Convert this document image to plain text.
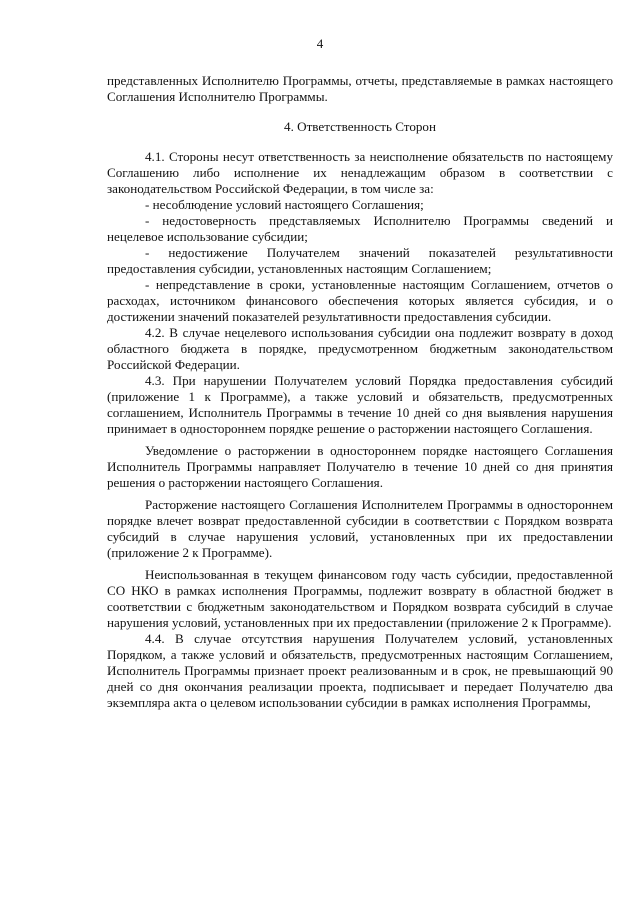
4

представленных Исполнителю Программы, отчеты, представляемые в рамках настоящего Соглашения Исполнителю Программы.

4. Ответственность Сторон

4.1. Стороны несут ответственность за неисполнение обязательств по настоящему Соглашению либо исполнение их ненадлежащим образом в соответствии с законодательством Российской Федерации, в том числе за:

- несоблюдение условий настоящего Соглашения;

- недостоверность представляемых Исполнителю Программы сведений и нецелевое использование субсидии;

- недостижение Получателем значений показателей результативности предоставления субсидии, установленных настоящим Соглашением;

- непредставление в сроки, установленные настоящим Соглашением, отчетов о расходах, источником финансового обеспечения которых является субсидия, и о достижении значений показателей результативности предоставления субсидии.

4.2. В случае нецелевого использования субсидии она подлежит возврату в доход областного бюджета в порядке, предусмотренном бюджетным законодательством Российской Федерации.

4.3. При нарушении Получателем условий Порядка предоставления субсидий (приложение 1 к Программе), а также условий и обязательств, предусмотренных соглашением, Исполнитель Программы в течение 10 дней со дня выявления нарушения принимает в одностороннем порядке решение о расторжении настоящего Соглашения.

Уведомление о расторжении в одностороннем порядке настоящего Соглашения Исполнитель Программы направляет Получателю в течение 10 дней со дня принятия решения о расторжении настоящего Соглашения.

Расторжение настоящего Соглашения Исполнителем Программы в одностороннем порядке влечет возврат предоставленной субсидии в соответствии с Порядком возврата субсидий в случае нарушения условий, установленных при их предоставлении (приложение 2 к Программе).

Неиспользованная в текущем финансовом году часть субсидии, предоставленной СО НКО в рамках исполнения Программы, подлежит возврату в областной бюджет в соответствии с бюджетным законодательством и Порядком возврата субсидий в случае нарушения условий, установленных при их предоставлении (приложение 2 к Программе).

4.4. В случае отсутствия нарушения Получателем условий, установленных Порядком, а также условий и обязательств, предусмотренных настоящим Соглашением, Исполнитель Программы признает проект реализованным и в срок, не превышающий 90 дней со дня окончания реализации проекта, подписывает и передает Получателю два экземпляра акта о целевом использовании субсидии в рамках исполнения Программы,
